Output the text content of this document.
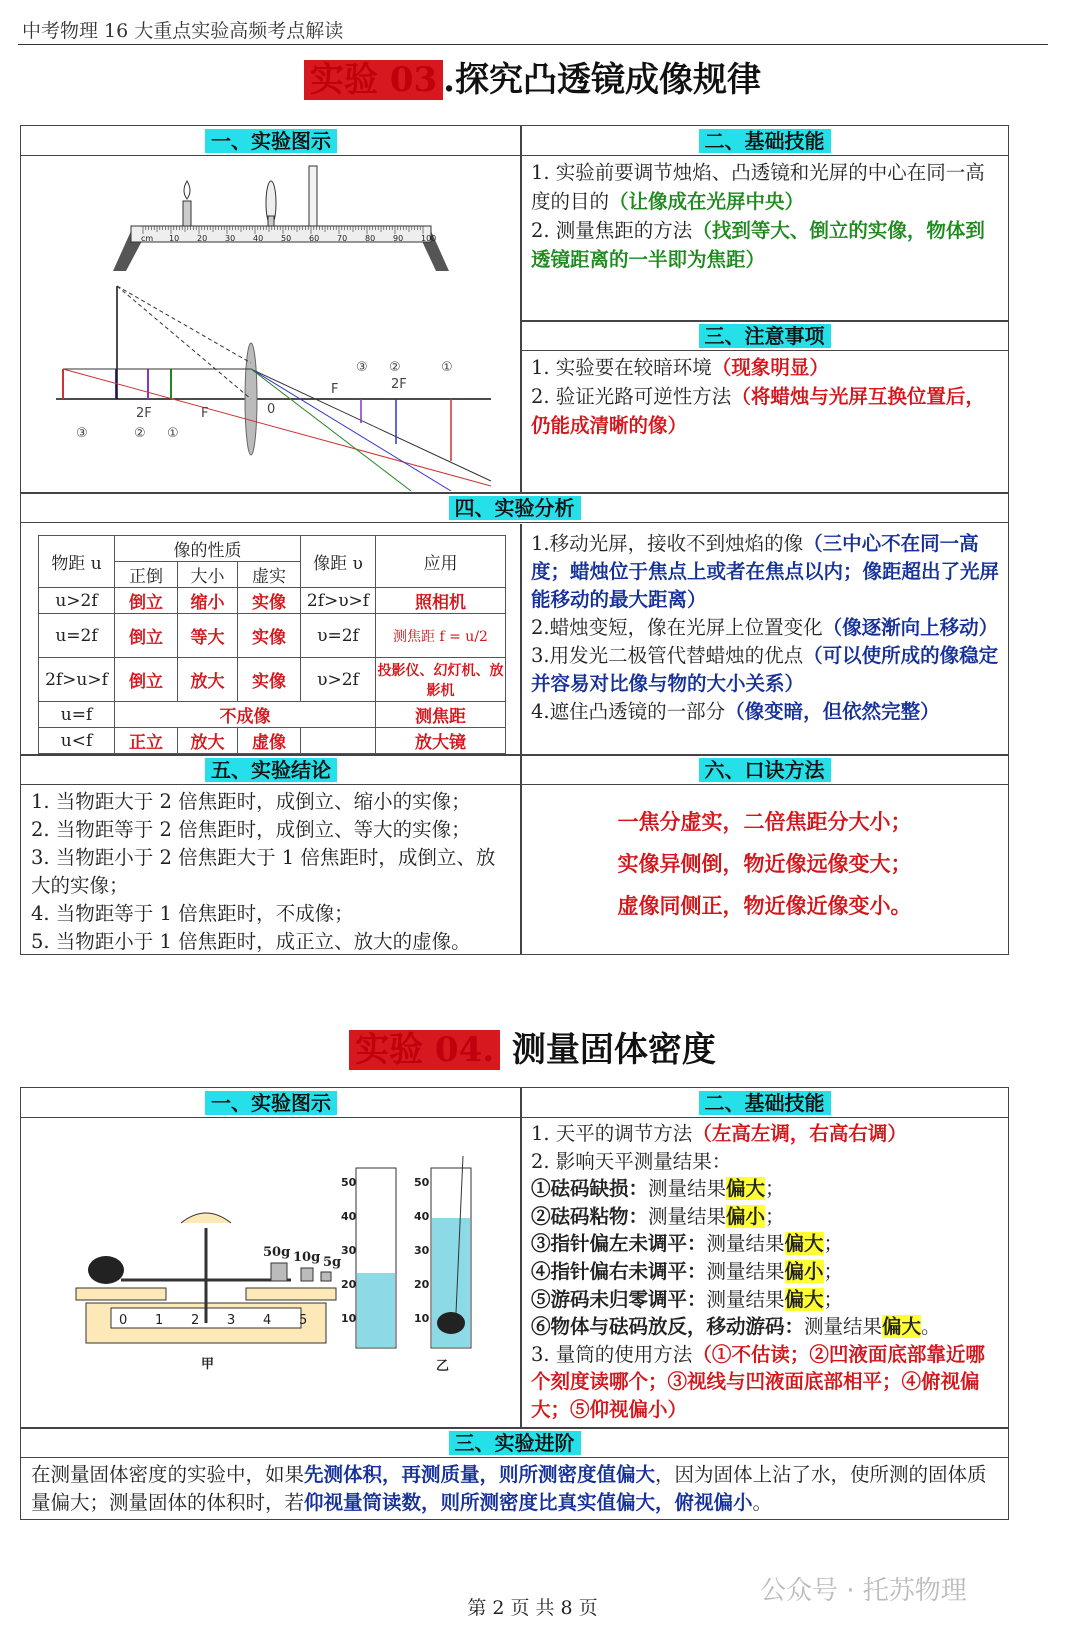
中考物理 16 大重点实验高频考点解读
实验 03 .探究凸透镜成像规律
一、实验图示	二、基础技能
cm 10 20 30 40 50 60 70 80 90 100
③ ②	①
2F
F
2F	F	0
③	② ①
1. 实验前要调节烛焰、凸透镜和光屏的中心在同一高度的目的（让像成在光屏中央）
2. 测量焦距的方法（找到等大、倒立的实像，物体到透镜距离的一半即为焦距）
三、注意事项
1. 实验要在较暗环境（现象明显）
2. 验证光路可逆性方法（将蜡烛与光屏互换位置后，仍能成清晰的像）
四、实验分析
物距 u	像的性质			像距 υ	应用
	正倒	大小	虚实		
u>2f	倒立	缩小	实像	2f>υ>f	照相机
u=2f	倒立	等大	实像	υ=2f	测焦距 f = u/2
2f>u>f	倒立	放大	实像	υ>2f	投影仪、幻灯机、放影机
u=f	不成像				测焦距
u<f	正立	放大	虚像		放大镜
1.移动光屏，接收不到烛焰的像（三中心不在同一高度；蜡烛位于焦点上或者在焦点以内；像距超出了光屏能移动的最大距离）
2.蜡烛变短，像在光屏上位置变化（像逐渐向上移动）
3.用发光二极管代替蜡烛的优点（可以使所成的像稳定并容易对比像与物的大小关系）
4.遮住凸透镜的一部分（像变暗，但依然完整）
五、实验结论	六、口诀方法
1. 当物距大于 2 倍焦距时，成倒立、缩小的实像；
2. 当物距等于 2 倍焦距时，成倒立、等大的实像；
3. 当物距小于 2 倍焦距大于 1 倍焦距时，成倒立、放大的实像；
4. 当物距等于 1 倍焦距时，不成像；
5. 当物距小于 1 倍焦距时，成正立、放大的虚像。
一焦分虚实，二倍焦距分大小；
实像异侧倒，物近像远像变大；
虚像同侧正，物近像近像变小。
实验 04. 测量固体密度
一、实验图示	二、基础技能
0 1 2 3 4 5
50g 10g 5g
甲	乙
50	50
40	40
30	30
20	20
10	10
1. 天平的调节方法（左高左调，右高右调）
2. 影响天平测量结果：
①砝码缺损：测量结果偏大；
②砝码粘物：测量结果偏小；
③指针偏左未调平：测量结果偏大；
④指针偏右未调平：测量结果偏小；
⑤游码未归零调平：测量结果偏大；
⑥物体与砝码放反，移动游码：测量结果偏大。
3. 量筒的使用方法（①不估读；②凹液面底部靠近哪个刻度读哪个；③视线与凹液面底部相平；④俯视偏大；⑤仰视偏小）
三、实验进阶
在测量固体密度的实验中，如果先测体积，再测质量，则所测密度值偏大，因为固体上沾了水，使所测的固体质量偏大；测量固体的体积时，若仰视量筒读数，则所测密度比真实值偏大，俯视偏小。
第 2 页 共 8 页
公众号 · 托苏物理
